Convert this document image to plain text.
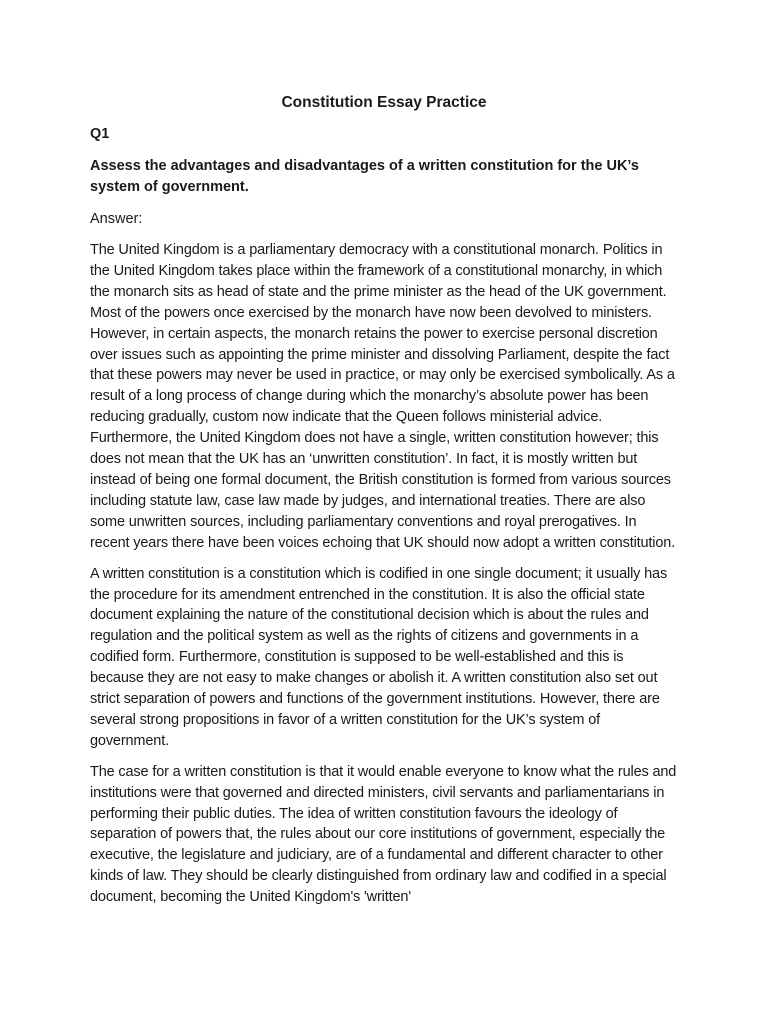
Constitution Essay Practice
Q1
Assess the advantages and disadvantages of a written constitution for the UK’s system of government.
Answer:

The United Kingdom is a parliamentary democracy with a constitutional monarch. Politics in the United Kingdom takes place within the framework of a constitutional monarchy, in which the monarch sits as head of state and the prime minister as the head of the UK government. Most of the powers once exercised by the monarch have now been devolved to ministers. However, in certain aspects, the monarch retains the power to exercise personal discretion over issues such as appointing the prime minister and dissolving Parliament, despite the fact that these powers may never be used in practice, or may only be exercised symbolically. As a result of a long process of change during which the monarchy’s absolute power has been reducing gradually, custom now indicate that the Queen follows ministerial advice. Furthermore, the United Kingdom does not have a single, written constitution however; this does not mean that the UK has an ‘unwritten constitution’. In fact, it is mostly written but instead of being one formal document, the British constitution is formed from various sources including statute law, case law made by judges, and international treaties. There are also some unwritten sources, including parliamentary conventions and royal prerogatives. In recent years there have been voices echoing that UK should now adopt a written constitution.

A written constitution is a constitution which is codified in one single document; it usually has the procedure for its amendment entrenched in the constitution. It is also the official state document explaining the nature of the constitutional decision which is about the rules and regulation and the political system as well as the rights of citizens and governments in a codified form. Furthermore, constitution is supposed to be well-established and this is because they are not easy to make changes or abolish it. A written constitution also set out strict separation of powers and functions of the government institutions. However, there are several strong propositions in favor of a written constitution for the UK’s system of government.

The case for a written constitution is that it would enable everyone to know what the rules and institutions were that governed and directed ministers, civil servants and parliamentarians in performing their public duties. The idea of written constitution favours the ideology of separation of powers that, the rules about our core institutions of government, especially the executive, the legislature and judiciary, are of a fundamental and different character to other kinds of law. They should be clearly distinguished from ordinary law and codified in a special document, becoming the United Kingdom's 'written'
